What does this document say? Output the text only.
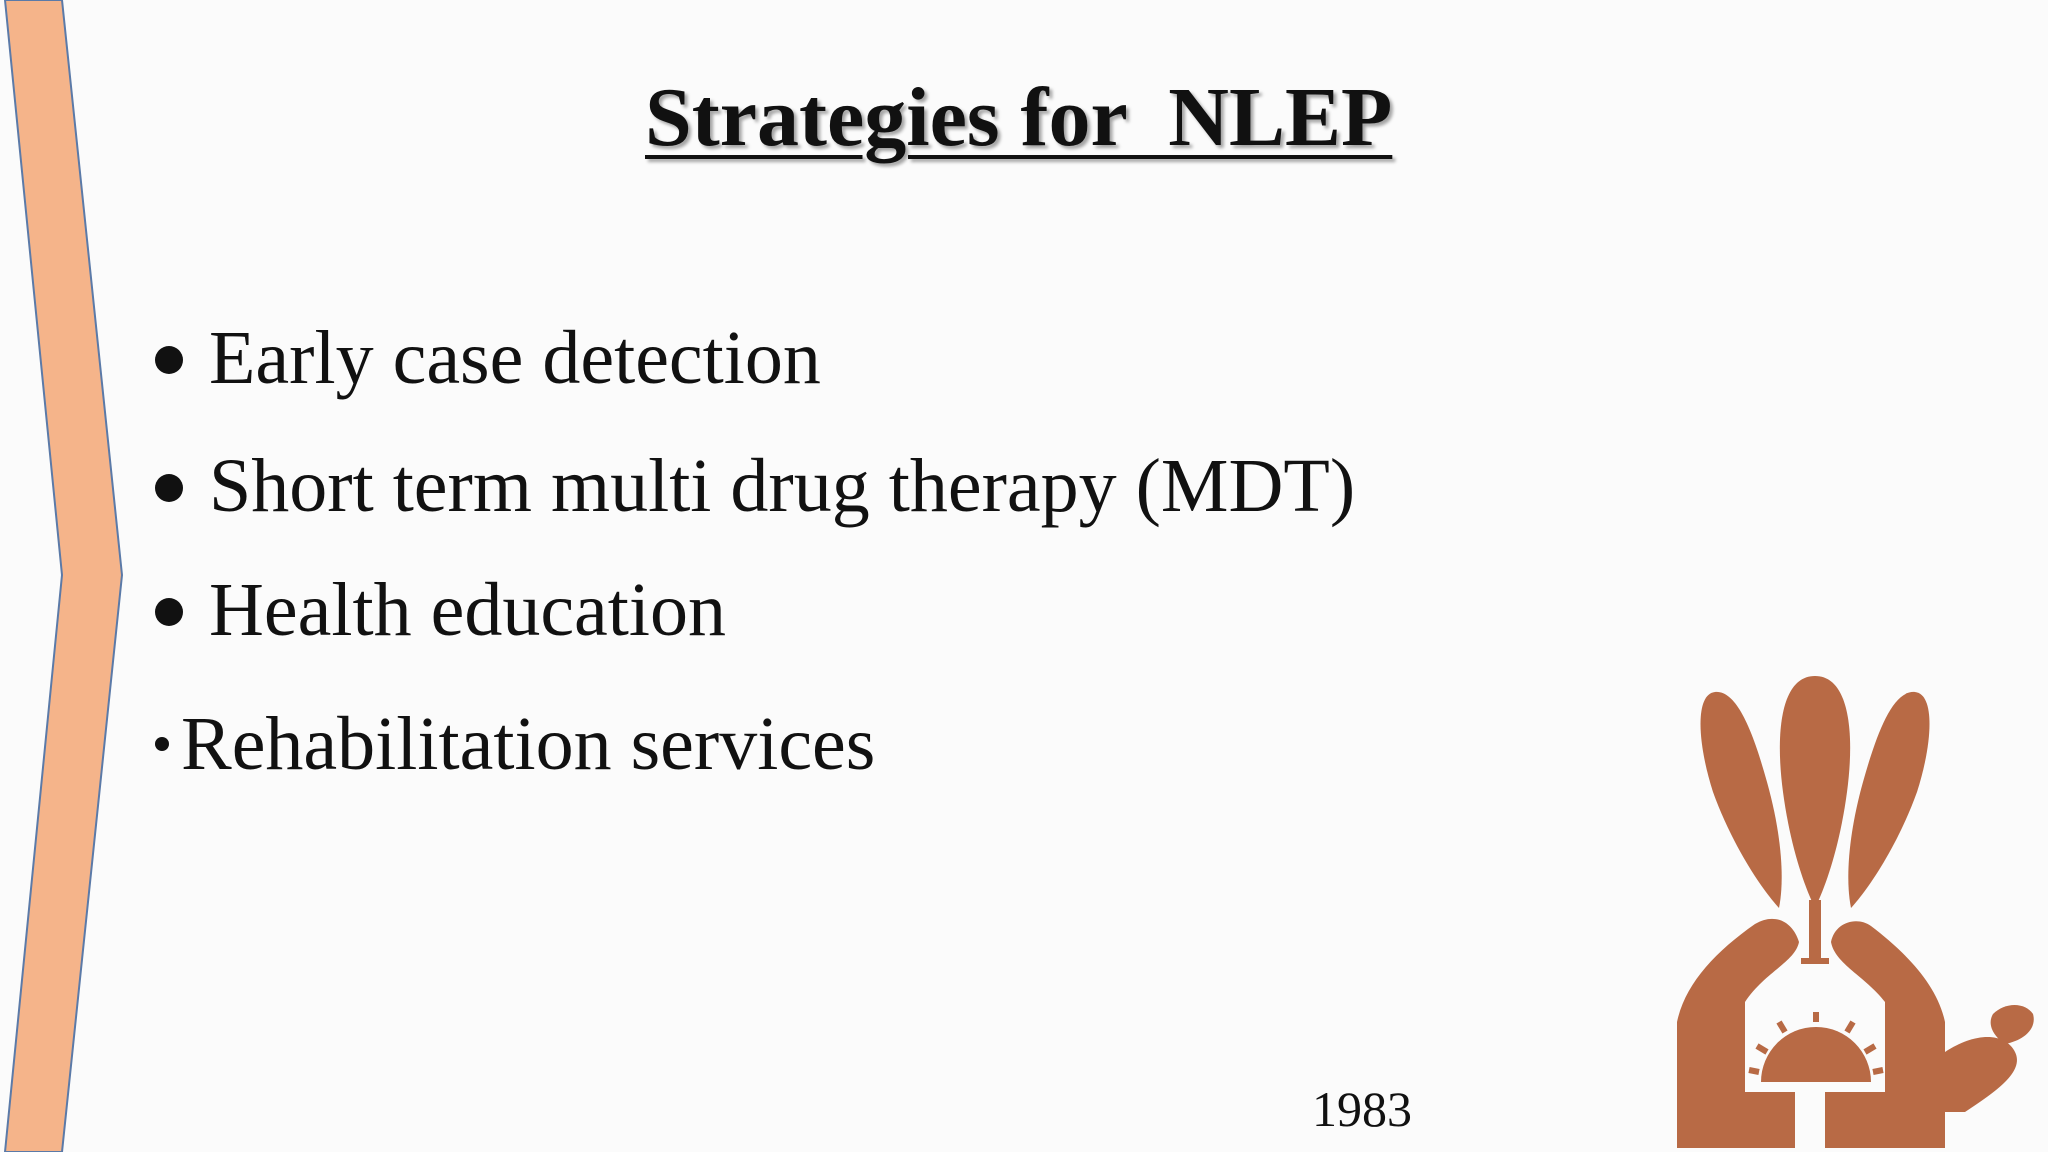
Strategies for  NLEP
Early case detection
Short term multi drug therapy (MDT)
Health education
Rehabilitation services
1983
